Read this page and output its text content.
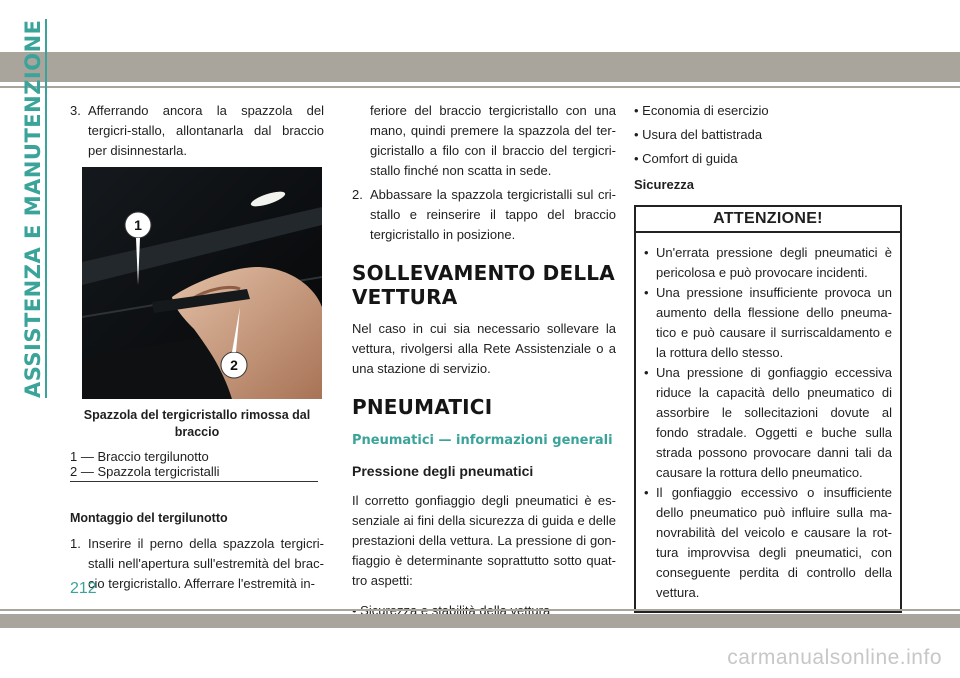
ASSISTENZA E MANUTENZIONE 3. Afferrando ancora la spazzola del tergicri-stallo, allontanarla dal braccio per disinnestarla.
1
2
Spazzola del tergicristallo rimossa dal braccio
1 — Braccio tergilunotto
2 — Spazzola tergicristalli
Montaggio del tergilunotto
1. Inserire il perno della spazzola tergicri-stalli nell'apertura sull'estremità del brac-cio tergicristallo. Afferrare l'estremità in-
feriore del braccio tergicristallo con una mano, quindi premere la spazzola del ter-gicristallo a filo con il braccio del tergicri-stallo finché non scatta in sede.
2. Abbassare la spazzola tergicristalli sul cri-stallo e reinserire il tappo del braccio tergicristallo in posizione.
SOLLEVAMENTO DELLA VETTURA
Nel caso in cui sia necessario sollevare la vettura, rivolgersi alla Rete Assistenziale o a una stazione di servizio.
PNEUMATICI
Pneumatici — informazioni generali
Pressione degli pneumatici
Il corretto gonfiaggio degli pneumatici è es-senziale ai fini della sicurezza di guida e delle prestazioni della vettura. La pressione di gon-fiaggio è determinante soprattutto sotto quat-tro aspetti:
• Economia di esercizio
• Usura del battistrada
• Comfort di guida
Sicurezza
ATTENZIONE!
• Un'errata pressione degli pneumatici è pericolosa e può provocare incidenti.
• Una pressione insufficiente provoca un aumento della flessione dello pneuma-tico e può causare il surriscaldamento e la rottura dello stesso.
• Una pressione di gonfiaggio eccessiva riduce la capacità dello pneumatico di assorbire le sollecitazioni dovute al fondo stradale. Oggetti e buche sulla strada possono provocare danni tali da causare la rottura dello pneumatico.
• Il gonfiaggio eccessivo o insufficiente dello pneumatico può influire sulla ma-novrabilità del veicolo e causare la rot-tura improvvisa degli pneumatici, con conseguente perdita di controllo della vettura.
212
carmanualsonline.info
